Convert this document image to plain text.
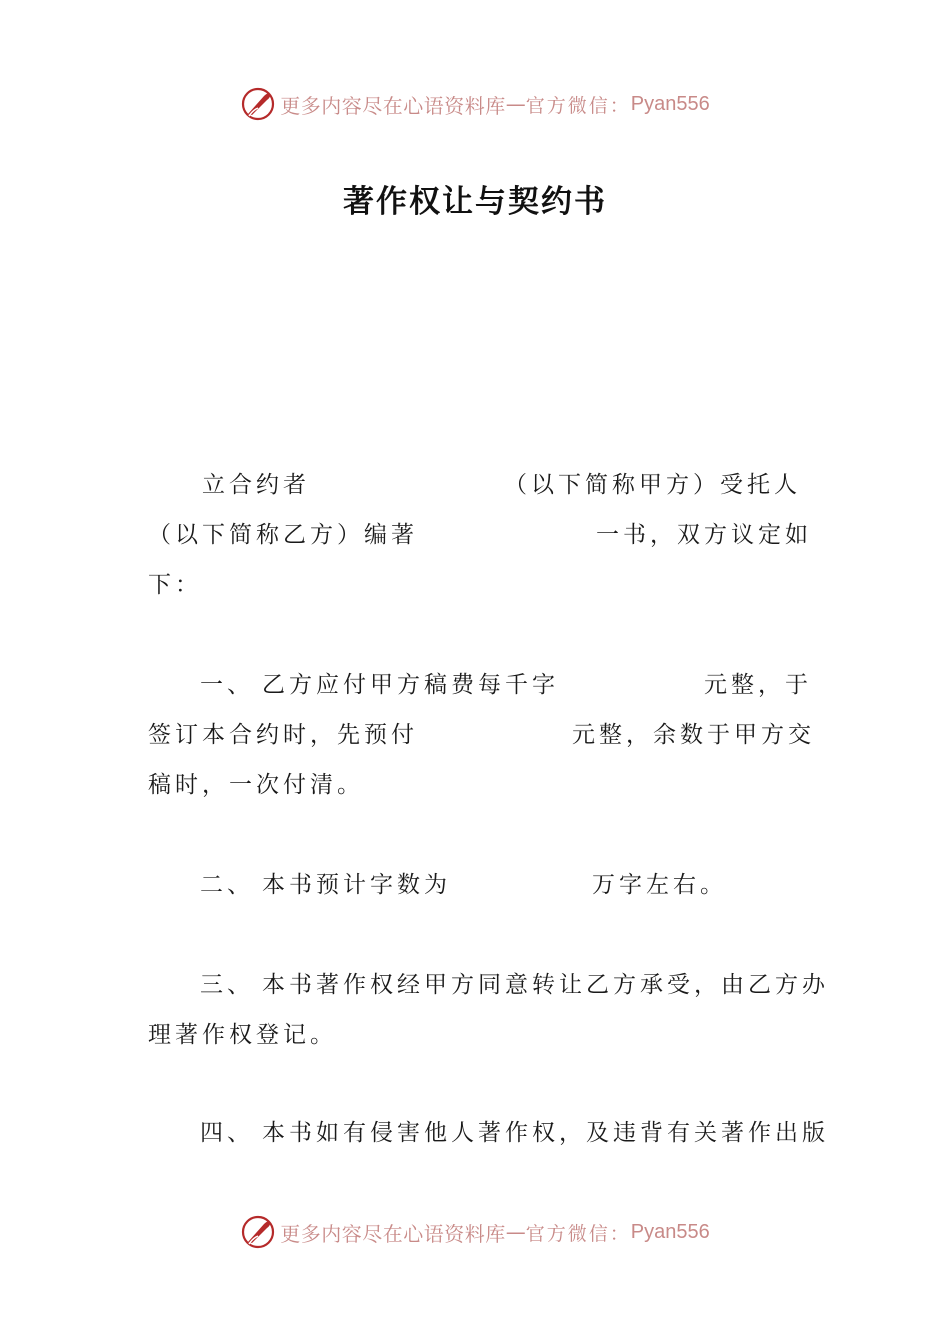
更多内容尽在心语资料库 — 官方微信： Pyan556
著作权让与契约书
立合约者	（以下简称甲方）受托人
（以下简称乙方）编著	一书，双方议定如
下：
一、 乙方应付甲方稿费每千字	元整，于
签订本合约时，先预付	元整，余数于甲方交
稿时，一次付清。
二、 本书预计字数为	万字左右。
三、 本书著作权经甲方同意转让乙方承受，由乙方办
理著作权登记。
四、 本书如有侵害他人著作权，及违背有关著作出版
更多内容尽在心语资料库 — 官方微信： Pyan556
